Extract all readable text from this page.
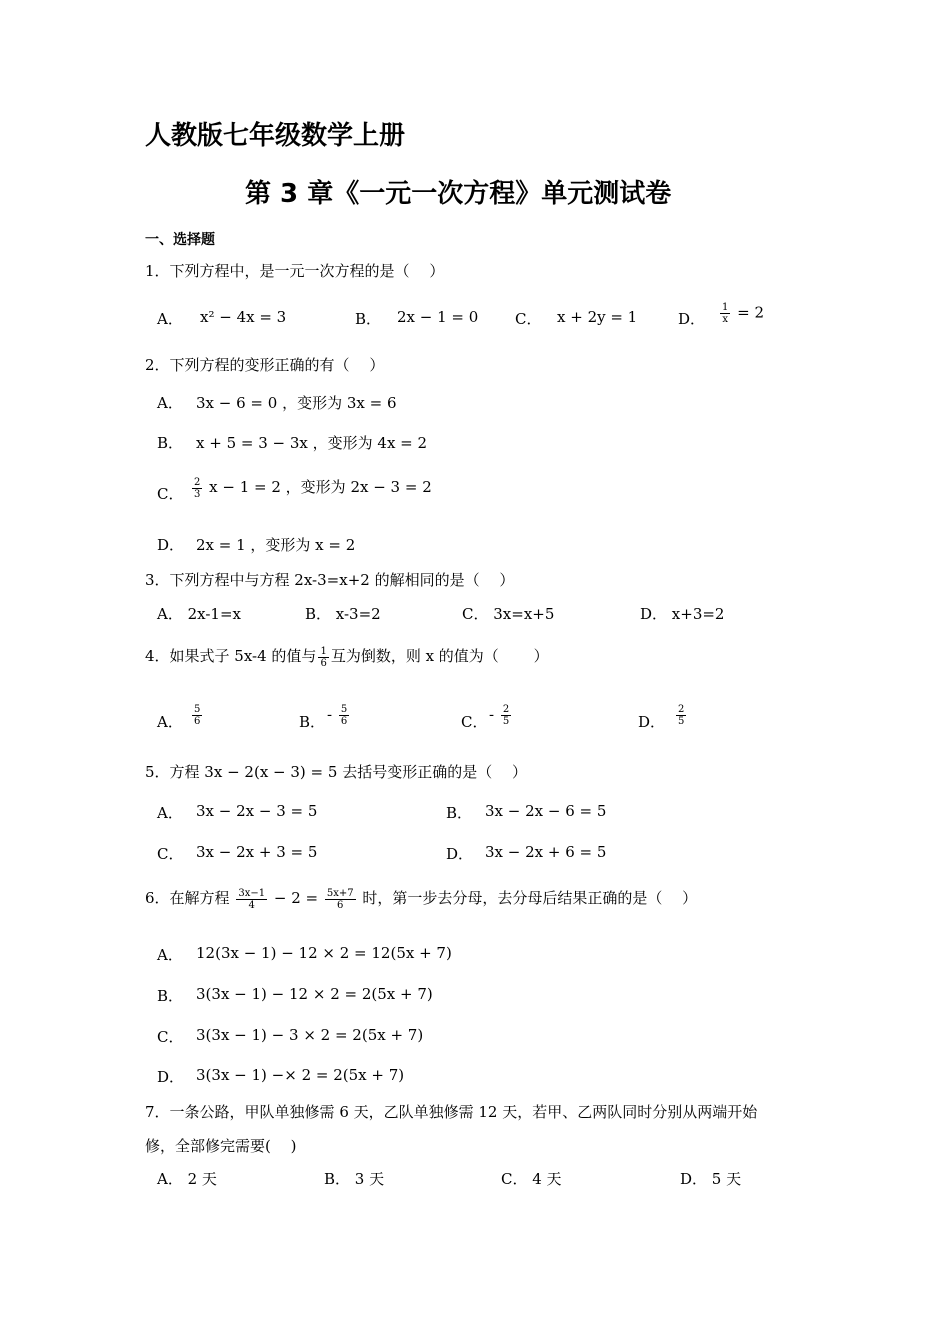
人教版七年级数学上册
第 3 章《一元一次方程》单元测试卷
一、选择题
1．下列方程中，是一元一次方程的是（　 ）
A． x² − 4x = 3	B． 2x − 1 = 0 C． x + 2y = 1	D． $\frac{1}{x} = 2$
2．下列方程的变形正确的有（　 ）
A． 3x − 6 = 0 ，变形为 3x = 6
B． x + 5 = 3 − 3x ，变形为 4x = 2
C． $\frac{2}{3}$ x − 1 = 2 ，变形为 2x − 3 = 2
D． 2x = 1 ，变形为 x = 2
3．下列方程中与方程 2x-3=x+2 的解相同的是（　 ）
A． 2x-1=x	B． x-3=2	C． 3x=x+5	D． x+3=2
4．如果式子 5x-4 的值与 $\frac{1}{6}$ 互为倒数，则 x 的值为（　　 ）
A． $\frac{5}{6}$	B． - $\frac{5}{6}$	C． - $\frac{2}{5}$	D． $\frac{2}{5}$
5．方程 3x − 2(x − 3) = 5 去括号变形正确的是（　 ）
A． 3x − 2x − 3 = 5	B． 3x − 2x − 6 = 5
C． 3x − 2x + 3 = 5	D． 3x − 2x + 6 = 5
6．在解方程 $\frac{3x-1}{4} - 2 = \frac{5x+7}{6}$ 时，第一步去分母，去分母后结果正确的是（　 ）
A． 12(3x − 1) − 12 × 2 = 12(5x + 7)
B． 3(3x − 1) − 12 × 2 = 2(5x + 7)
C． 3(3x − 1) − 3 × 2 = 2(5x + 7)
D． 3(3x − 1) −× 2 = 2(5x + 7)
7．一条公路，甲队单独修需 6 天，乙队单独修需 12 天，若甲、乙两队同时分别从两端开始
修，全部修完需要(　 )
A． 2 天	B． 3 天	C． 4 天	D． 5 天
